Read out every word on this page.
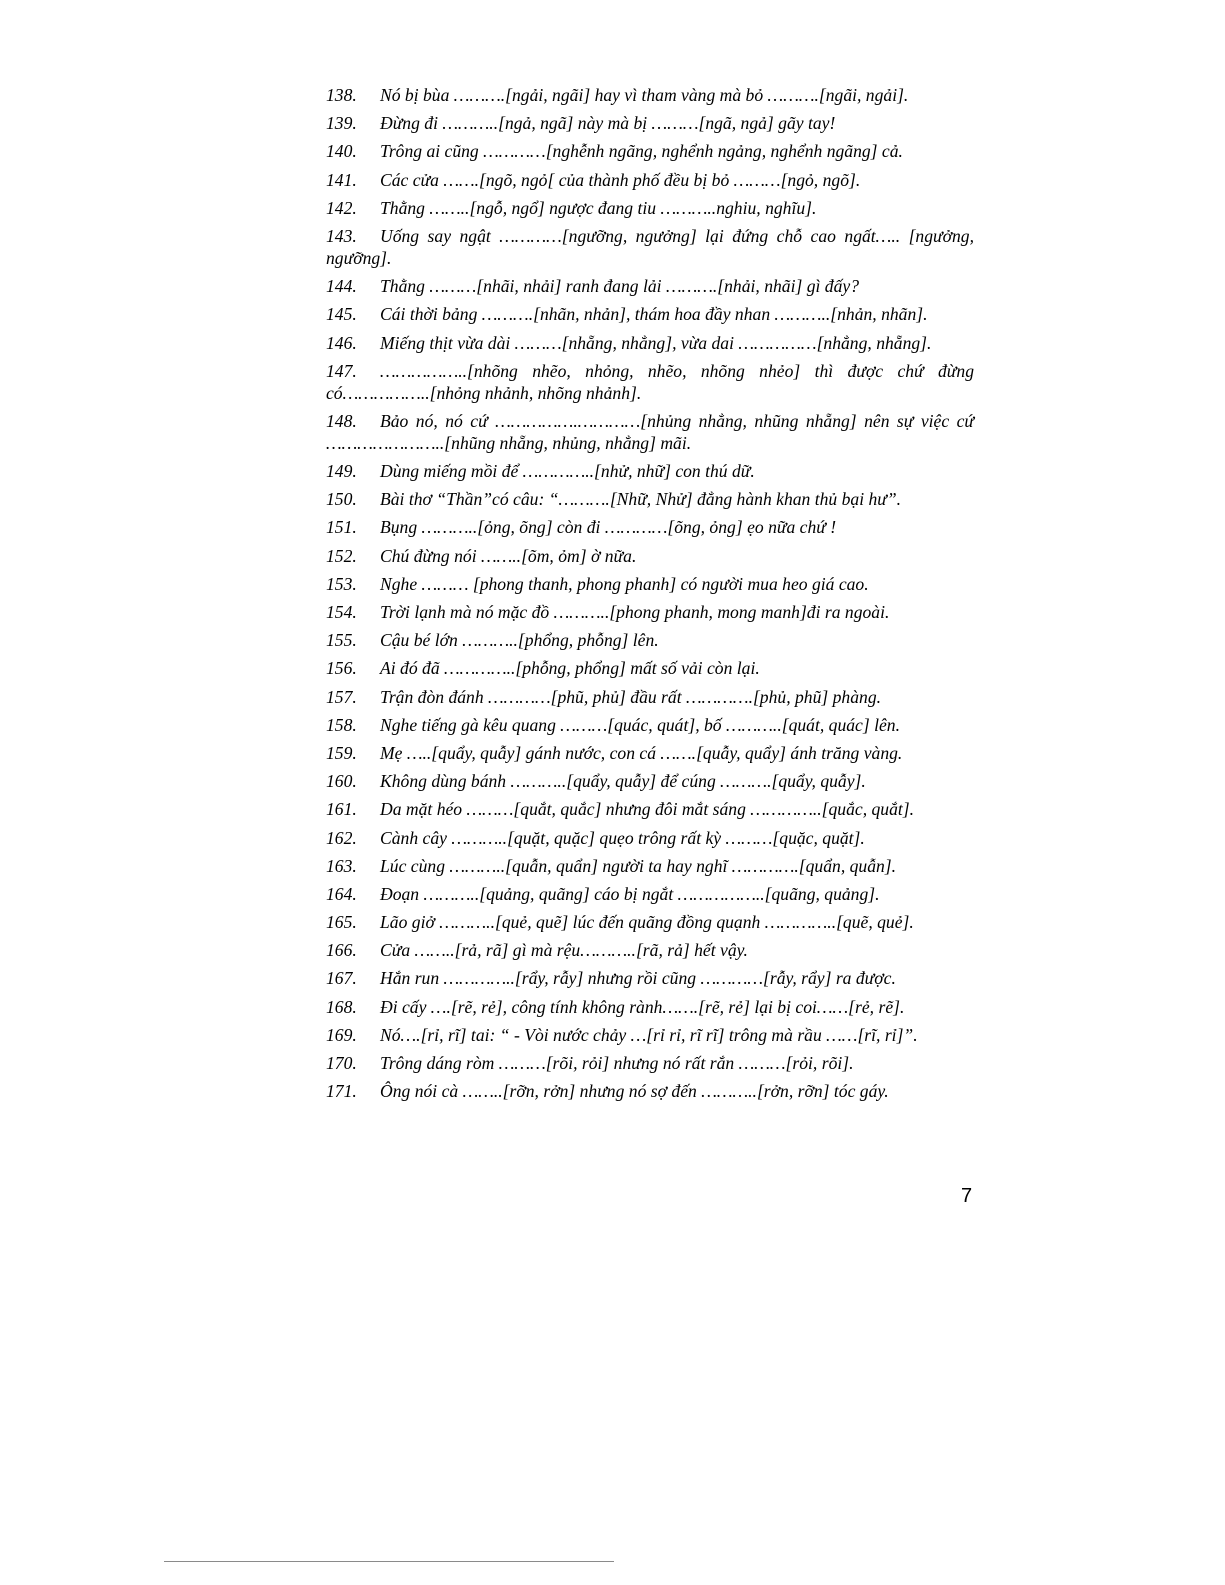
138. Nó bị bùa ……….[ngải, ngãi] hay vì tham vàng mà bỏ ……….[ngãi, ngải].
139. Đừng đi ………..[ngả, ngã] này mà bị ………[ngã, ngả] gãy tay!
140. Trông ai cũng …………[nghễnh ngãng, nghểnh ngảng, nghểnh ngãng] cả.
141. Các cửa …….[ngõ, ngỏ[ của thành phố đều bị bỏ ………[ngỏ, ngõ].
142. Thằng ……..[ngỗ, ngổ] ngược đang tiu ………..nghiu, nghĩu].
143. Uống say ngật …………[ngưỡng, ngưởng] lại đứng chỗ cao ngất….. [ngưởng, ngưỡng].
144. Thằng ………[nhãi, nhải] ranh đang lải ……….[nhải, nhãi] gì đấy?
145. Cái thời bảng ……….[nhãn, nhản], thám hoa đầy nhan ………..[nhản, nhãn].
146. Miếng thịt vừa dài ………[nhẵng, nhẳng], vừa dai ……………[nhẳng, nhẵng].
147. ……………..[nhõng nhẽo, nhỏng, nhẽo, nhõng nhẻo] thì được chứ đừng có……………..[nhỏng nhảnh, nhõng nhảnh].
148. Bảo nó, nó cứ …………….…………[nhủng nhẳng, nhũng nhẵng] nên sự việc cứ …………………..[nhũng nhẵng, nhủng, nhẳng] mãi.
149. Dùng miếng mồi để …………..[nhử, nhữ] con thú dữ.
150. Bài thơ “Thần”có câu: “……….[Nhữ, Nhử] đẳng hành khan thủ bại hư”.
151. Bụng ………..[ỏng, õng] còn đi …………[õng, ỏng] ẹo nữa chứ !
152. Chú đừng nói ……..[õm, ỏm] ờ nữa.
153. Nghe ……… [phong thanh, phong phanh] có người mua heo giá cao.
154. Trời lạnh mà nó mặc đồ ………..[phong phanh, mong manh]đi ra ngoài.
155. Cậu bé lớn ………..[phổng, phỗng] lên.
156. Ai đó đã …………..[phỗng, phổng] mất số vải còn lại.
157. Trận đòn đánh …………[phũ, phủ] đầu rất ………….[phủ, phũ] phàng.
158. Nghe tiếng gà kêu quang ………[quác, quát], bố ………..[quát, quác] lên.
159. Mẹ …..[quẩy, quẫy] gánh nước, con cá …….[quẫy, quẩy] ánh trăng vàng.
160. Không dùng bánh ………..[quẩy, quẫy] để cúng ……….[quẩy, quẫy].
161. Da mặt héo ………[quắt, quắc] nhưng đôi mắt sáng …………..[quắc, quắt].
162. Cành cây ………..[quặt, quặc] quẹo trông rất kỳ ………[quặc, quặt].
163. Lúc cùng ………..[quẫn, quẩn] người ta hay nghĩ ………….[quẩn, quẫn].
164. Đoạn ………..[quảng, quãng] cáo bị ngắt ……………..[quãng, quảng].
165. Lão giở ………..[quẻ, quẽ] lúc đến quãng đồng quạnh …………..[quẽ, quẻ].
166. Cửa ……..[rả, rã] gì mà rệu………..[rã, rả] hết vậy.
167. Hắn run …………..[rẩy, rẫy] nhưng rồi cũng …………[rẫy, rẩy] ra được.
168. Đi cấy ….[rẽ, rẻ], công tính không rành…….[rẽ, rẻ] lại bị coi……[rẻ, rẽ].
169. Nó….[rỉ, rĩ] tai: “ - Vòi nước chảy …[rỉ rỉ, rĩ rĩ] trông mà rầu ……[rĩ, rỉ]”.
170. Trông dáng ròm ………[rõi, rỏi] nhưng nó rất rắn ………[rỏi, rõi].
171. Ông nói cà ……..[rỡn, rởn] nhưng nó sợ đến ………..[rởn, rỡn] tóc gáy.
7
